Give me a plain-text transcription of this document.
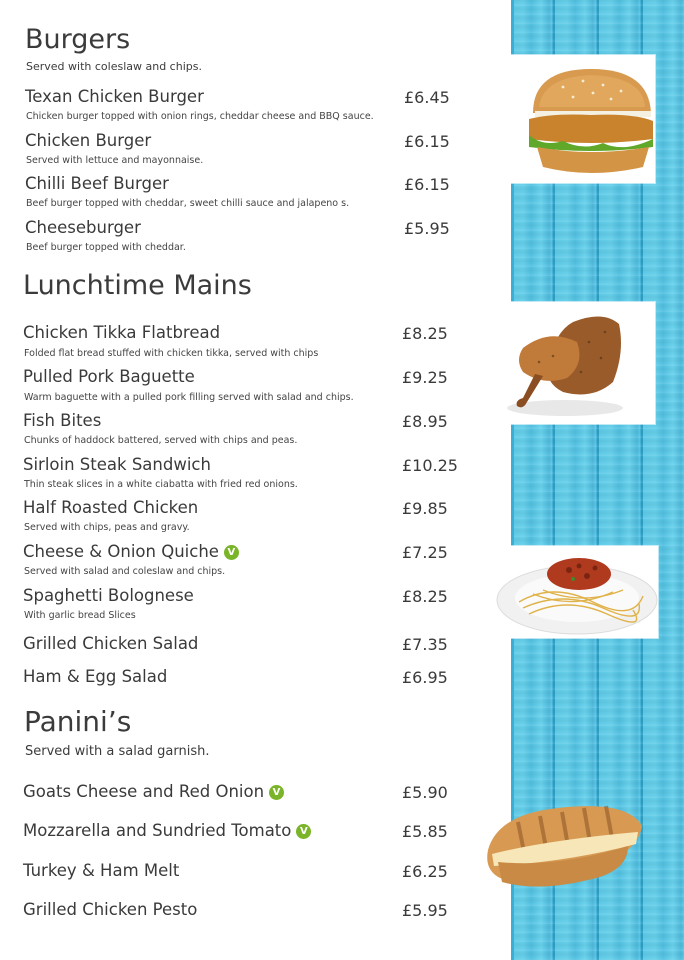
Burgers
Served with coleslaw and chips.
Texan Chicken Burger	£6.45
Chicken burger topped with onion rings, cheddar cheese and BBQ sauce.
Chicken Burger	£6.15
Served with lettuce and mayonnaise.
Chilli Beef Burger	£6.15
Beef burger topped with cheddar, sweet chilli sauce and jalapeno s.
Cheeseburger	£5.95
Beef burger topped with cheddar.
Lunchtime Mains
Chicken Tikka Flatbread	£8.25
Folded flat bread stuffed with chicken tikka, served with chips
Pulled Pork Baguette	£9.25
Warm baguette with a pulled pork filling served with salad and chips.
Fish Bites	£8.95
Chunks of haddock battered, served with chips and peas.
Sirloin Steak Sandwich	£10.25
Thin steak slices in a white ciabatta with fried red onions.
Half Roasted Chicken	£9.85
Served with chips, peas and gravy.
Cheese & Onion Quiche V	£7.25
Served with salad and coleslaw and chips.
Spaghetti Bolognese	£8.25
With garlic bread Slices
Grilled Chicken Salad	£7.35
Ham & Egg Salad	£6.95
Panini’s
Served with a salad garnish.
Goats Cheese and Red Onion V	£5.90
Mozzarella and Sundried Tomato V	£5.85
Turkey & Ham Melt	£6.25
Grilled Chicken Pesto	£5.95
